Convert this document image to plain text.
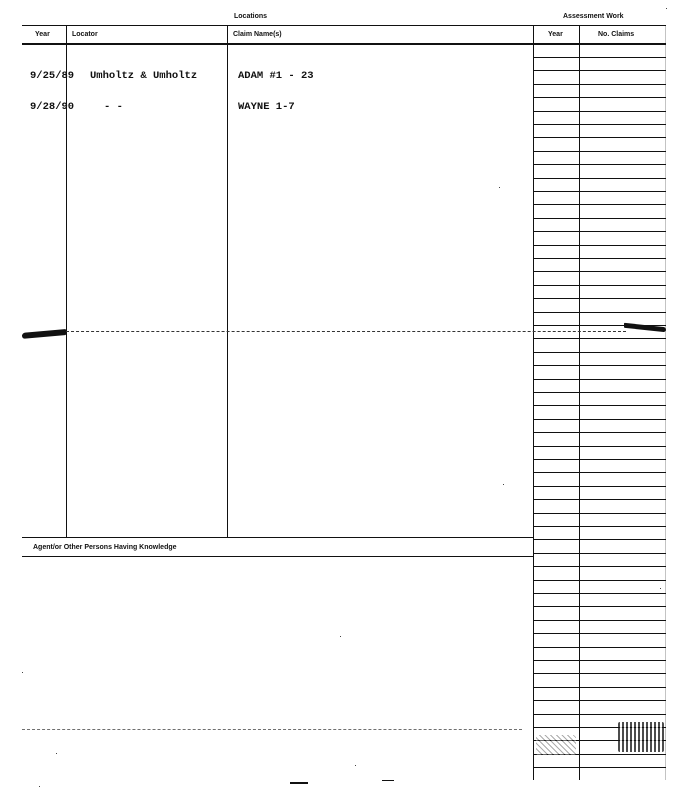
Locations	Assessment Work
Year	Locator	Claim Name(s)	Year	No. Claims
9/25/89 Umholtz & Umholtz	ADAM #1 - 23
9/28/90	- -	WAYNE 1-7
Agent/or Other Persons Having Knowledge
